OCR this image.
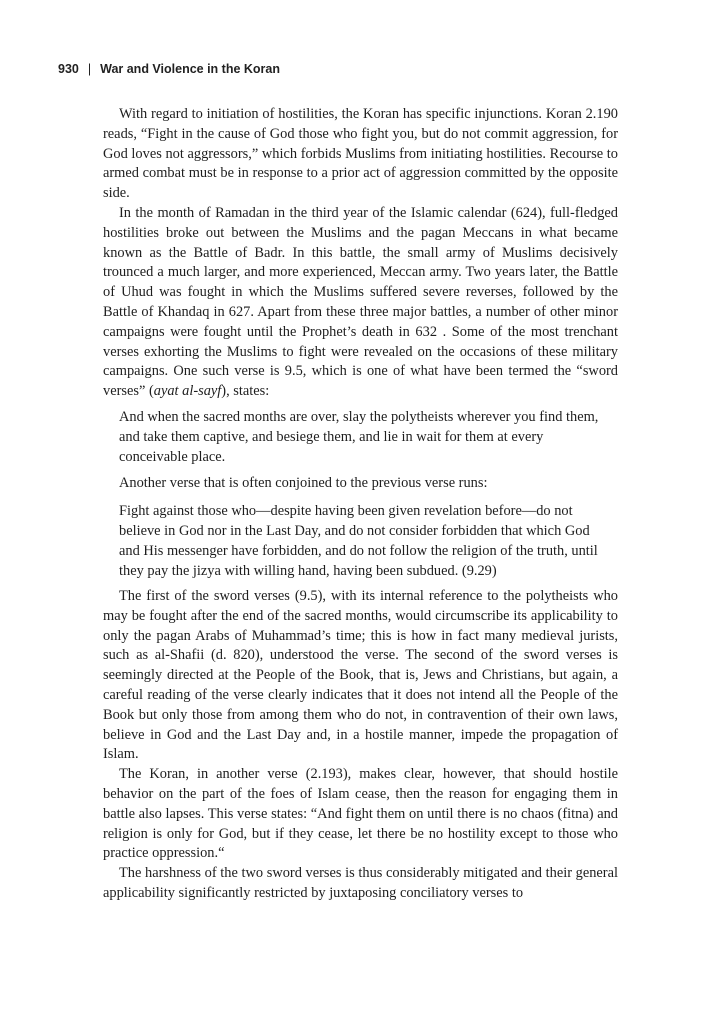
930 | War and Violence in the Koran

With regard to initiation of hostilities, the Koran has specific injunctions. Koran 2.190 reads, “Fight in the cause of God those who fight you, but do not commit aggression, for God loves not aggressors,” which forbids Muslims from initiating hostilities. Recourse to armed combat must be in response to a prior act of aggression committed by the opposite side.

In the month of Ramadan in the third year of the Islamic calendar (624), full-fledged hostilities broke out between the Muslims and the pagan Meccans in what became known as the Battle of Badr. In this battle, the small army of Muslims decisively trounced a much larger, and more experienced, Meccan army. Two years later, the Battle of Uhud was fought in which the Muslims suffered severe reverses, followed by the Battle of Khandaq in 627. Apart from these three major battles, a number of other minor campaigns were fought until the Prophet’s death in 632 . Some of the most trenchant verses exhorting the Muslims to fight were revealed on the occasions of these military campaigns. One such verse is 9.5, which is one of what have been termed the “sword verses” (ayat al-sayf), states:

And when the sacred months are over, slay the polytheists wherever you find them, and take them captive, and besiege them, and lie in wait for them at every conceivable place.

Another verse that is often conjoined to the previous verse runs:

Fight against those who—despite having been given revelation before—do not believe in God nor in the Last Day, and do not consider forbidden that which God and His messenger have forbidden, and do not follow the religion of the truth, until they pay the jizya with willing hand, having been subdued. (9.29)

The first of the sword verses (9.5), with its internal reference to the polytheists who may be fought after the end of the sacred months, would circumscribe its applicability to only the pagan Arabs of Muhammad’s time; this is how in fact many medieval jurists, such as al-Shafii (d. 820), understood the verse. The second of the sword verses is seemingly directed at the People of the Book, that is, Jews and Christians, but again, a careful reading of the verse clearly indicates that it does not intend all the People of the Book but only those from among them who do not, in contravention of their own laws, believe in God and the Last Day and, in a hostile manner, impede the propagation of Islam.

The Koran, in another verse (2.193), makes clear, however, that should hostile behavior on the part of the foes of Islam cease, then the reason for engaging them in battle also lapses. This verse states: “And fight them on until there is no chaos (fitna) and religion is only for God, but if they cease, let there be no hostility except to those who practice oppression.“

The harshness of the two sword verses is thus considerably mitigated and their general applicability significantly restricted by juxtaposing conciliatory verses to
